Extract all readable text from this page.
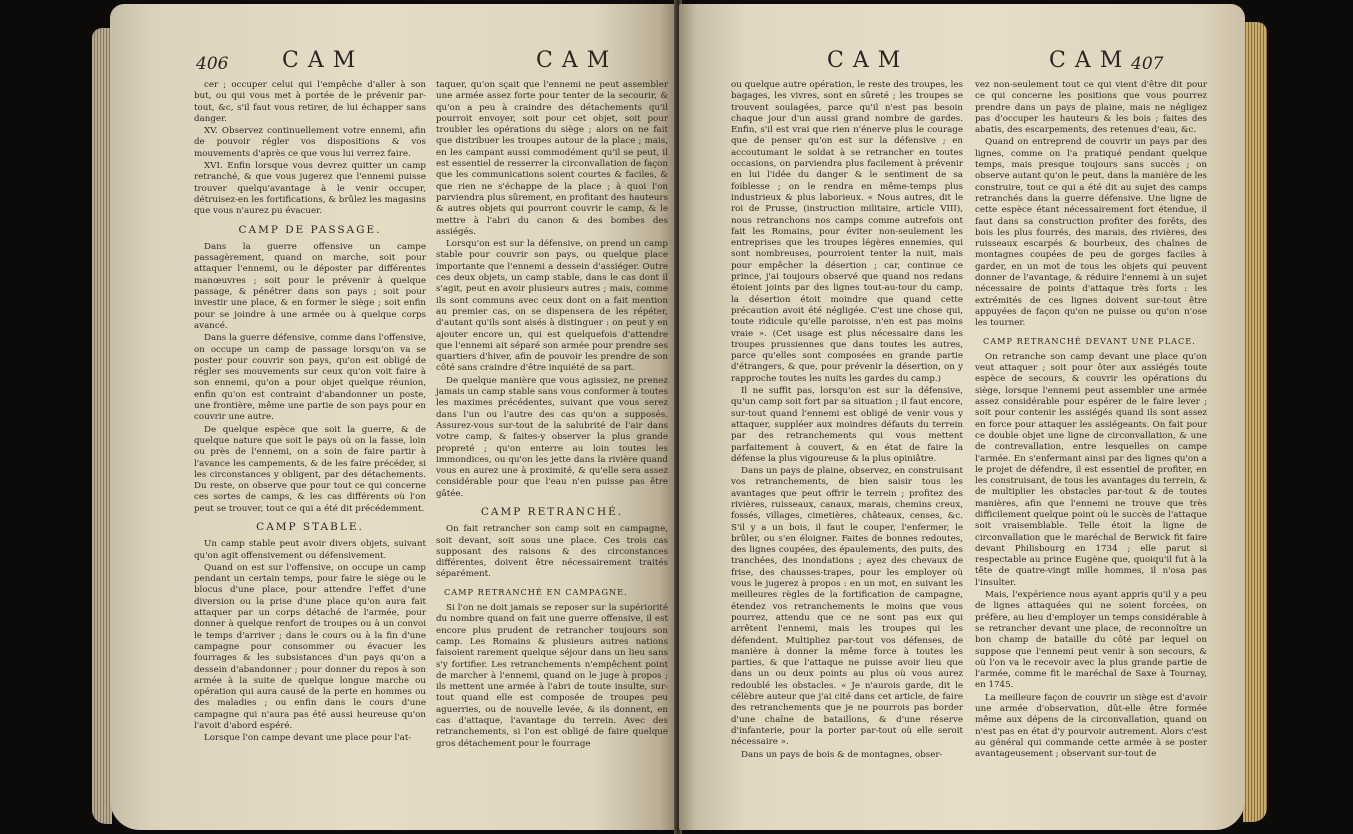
406 CAM	CAM

cer ; occuper celui qui l'empêche d'aller à son but, ou qui vous met à portée de le prévenir par-tout, &c, s'il faut vous retirer, de lui échapper sans danger.

XV. Observez continuellement votre ennemi, afin de pouvoir régler vos dispositions & vos mouvements d'après ce que vous lui verrez faire.

XVI. Enfin lorsque vous devrez quitter un camp retranché, & que vous jugerez que l'ennemi puisse trouver quelqu'avantage à le venir occuper, détruisez-en les fortifications, & brûlez les magasins que vous n'aurez pu évacuer.

CAMP DE PASSAGE.

Dans la guerre offensive un campe passagèrement, quand on marche, soit pour attaquer l'ennemi, ou le déposter par différentes manœuvres ; soit pour le prévenir à quelque passage, & pénétrer dans son pays ; soit pour investir une place, & en former le siège ; soit enfin pour se joindre à une armée ou à quelque corps avancé.

Dans la guerre défensive, comme dans l'offensive, on occupe un camp de passage lorsqu'on va se poster pour couvrir son pays, qu'on est obligé de régler ses mouvements sur ceux qu'on voit faire à son ennemi, qu'on a pour objet quelque réunion, enfin qu'on est contraint d'abandonner un poste, une frontière, même une partie de son pays pour en couvrir une autre.

De quelque espèce que soit la guerre, & de quelque nature que soit le pays où on la fasse, loin ou près de l'ennemi, on a soin de faire partir à l'avance les campements, & de les faire précéder, si les circonstances y obligent, par des détachements. Du reste, on observe que pour tout ce qui concerne ces sortes de camps, & les cas différents où l'on peut se trouver, tout ce qui a été dit précédemment.

CAMP STABLE.

Un camp stable peut avoir divers objets, suivant qu'on agit offensivement ou défensivement.

Quand on est sur l'offensive, on occupe un camp pendant un certain temps, pour faire le siège ou le blocus d'une place, pour attendre l'effet d'une diversion ou la prise d'une place qu'on aura fait attaquer par un corps détaché de l'armée, pour donner à quelque renfort de troupes ou à un convoi le temps d'arriver ; dans le cours ou à la fin d'une campagne pour consommer ou évacuer les fourrages & les subsistances d'un pays qu'on a dessein d'abandonner ; pour donner du repos à son armée à la suite de quelque longue marche ou opération qui aura causé de la perte en hommes ou des maladies ; ou enfin dans le cours d'une campagne qui n'aura pas été aussi heureuse qu'on l'avoit d'abord espéré.

Lorsque l'on campe devant une place pour l'at-

taquer, qu'on sçait que l'ennemi ne peut assembler une armée assez forte pour tenter de la secourir, & qu'on a peu à craindre des détachements qu'il pourroit envoyer, soit pour cet objet, soit pour troubler les opérations du siège ; alors on ne fait que distribuer les troupes autour de la place ; mais, en les campant aussi commodément qu'il se peut, il est essentiel de resserrer la circonvallation de façon que les communications soient courtes & faciles, & que rien ne s'échappe de la place ; à quoi l'on parviendra plus sûrement, en profitant des hauteurs & autres objets qui pourront couvrir le camp, & le mettre à l'abri du canon & des bombes des assiégés.

Lorsqu'on est sur la défensive, on prend un camp stable pour couvrir son pays, ou quelque place importante que l'ennemi a dessein d'assiéger. Outre ces deux objets, un camp stable, dans le cas dont il s'agit, peut en avoir plusieurs autres ; mais, comme ils sont communs avec ceux dont on a fait mention au premier cas, on se dispensera de les répéter, d'autant qu'ils sont aisés à distinguer : on peut y en ajouter encore un, qui est quelquefois d'attendre que l'ennemi ait séparé son armée pour prendre ses quartiers d'hiver, afin de pouvoir les prendre de son côté sans craindre d'être inquiété de sa part.

De quelque manière que vous agissiez, ne prenez jamais un camp stable sans vous conformer à toutes les maximes précédentes, suivant que vous serez dans l'un ou l'autre des cas qu'on a supposés. Assurez-vous sur-tout de la salubrité de l'air dans votre camp, & faites-y observer la plus grande propreté ; qu'on enterre au loin toutes les immondices, ou qu'on les jette dans la rivière quand vous en aurez une à proximité, & qu'elle sera assez considérable pour que l'eau n'en puisse pas être gâtée.

CAMP RETRANCHÉ.

On fait retrancher son camp soit en campagne, soit devant, soit sous une place. Ces trois cas supposant des raisons & des circonstances différentes, doivent être nécessairement traités séparément.

CAMP RETRANCHÉ EN CAMPAGNE.

Si l'on ne doit jamais se reposer sur la supériorité du nombre quand on fait une guerre offensive, il est encore plus prudent de retrancher toujours son camp. Les Romains & plusieurs autres nations faisoient rarement quelque séjour dans un lieu sans s'y fortifier. Les retranchements n'empêchent point de marcher à l'ennemi, quand on le juge à propos ; ils mettent une armée à l'abri de toute insulte, sur-tout quand elle est composée de troupes peu aguerries, ou de nouvelle levée, & ils donnent, en cas d'attaque, l'avantage du terrein. Avec des retranchements, si l'on est obligé de faire quelque gros détachement pour le fourrage

CAM	CAM 407

ou quelque autre opération, le reste des troupes, les bagages, les vivres, sont en sûreté ; les troupes se trouvent soulagées, parce qu'il n'est pas besoin chaque jour d'un aussi grand nombre de gardes. Enfin, s'il est vrai que rien n'énerve plus le courage que de penser qu'on est sur la défensive ; en accoutumant le soldat à se retrancher en toutes occasions, on parviendra plus facilement à prévenir en lui l'idée du danger & le sentiment de sa foiblesse ; on le rendra en même-temps plus industrieux & plus laborieux. « Nous autres, dit le roi de Prusse, (instruction militaire, article VIII), nous retranchons nos camps comme autrefois ont fait les Romains, pour éviter non-seulement les entreprises que les troupes légères ennemies, qui sont nombreuses, pourroient tenter la nuit, mais pour empêcher la désertion ; car, continue ce prince, j'ai toujours observé que quand nos redans étoient joints par des lignes tout-au-tour du camp, la désertion étoit moindre que quand cette précaution avoit été négligée. C'est une chose qui, toute ridicule qu'elle paroisse, n'en est pas moins vraie ». (Cet usage est plus nécessaire dans les troupes prussiennes que dans toutes les autres, parce qu'elles sont composées en grande partie d'étrangers, & que, pour prévenir la désertion, on y rapproche toutes les nuits les gardes du camp.)

Il ne suffit pas, lorsqu'on est sur la défensive, qu'un camp soit fort par sa situation ; il faut encore, sur-tout quand l'ennemi est obligé de venir vous y attaquer, suppléer aux moindres défauts du terrein par des retranchements qui vous mettent parfaitement à couvert, & en état de faire la défense la plus vigoureuse & la plus opiniâtre.

Dans un pays de plaine, observez, en construisant vos retranchements, de bien saisir tous les avantages que peut offrir le terrein ; profitez des rivières, ruisseaux, canaux, marais, chemins creux, fossés, villages, cimetières, châteaux, censes, &c. S'il y a un bois, il faut le couper, l'enfermer, le brûler, ou s'en éloigner. Faites de bonnes redoutes, des lignes coupées, des épaulements, des puits, des tranchées, des inondations ; ayez des chevaux de frise, des chausses-trapes, pour les employer où vous le jugerez à propos : en un mot, en suivant les meilleures règles de la fortification de campagne, étendez vos retranchements le moins que vous pourrez, attendu que ce ne sont pas eux qui arrêtent l'ennemi, mais les troupes qui les défendent. Multipliez par-tout vos défenses, de manière à donner la même force à toutes les parties, & que l'attaque ne puisse avoir lieu que dans un ou deux points au plus où vous aurez redoublé les obstacles. « Je n'aurois garde, dit le célèbre auteur que j'ai cité dans cet article, de faire des retranchements que je ne pourrois pas border d'une chaîne de bataillons, & d'une réserve d'infanterie, pour la porter par-tout où elle seroit nécessaire ».

Dans un pays de bois & de montagnes, obser-

vez non-seulement tout ce qui vient d'être dit pour ce qui concerne les positions que vous pourrez prendre dans un pays de plaine, mais ne négligez pas d'occuper les hauteurs & les bois ; faites des abatis, des escarpements, des retenues d'eau, &c.

Quand on entreprend de couvrir un pays par des lignes, comme on l'a pratiqué pendant quelque temps, mais presque toujours sans succès ; on observe autant qu'on le peut, dans la manière de les construire, tout ce qui a été dit au sujet des camps retranchés dans la guerre défensive. Une ligne de cette espèce étant nécessairement fort étendue, il faut dans sa construction profiter des forêts, des bois les plus fourrés, des marais, des rivières, des ruisseaux escarpés & bourbeux, des chaînes de montagnes coupées de peu de gorges faciles à garder, en un mot de tous les objets qui peuvent donner de l'avantage, & réduire l'ennemi à un sujet nécessaire de points d'attaque très forts : les extrémités de ces lignes doivent sur-tout être appuyées de façon qu'on ne puisse ou qu'on n'ose les tourner.

CAMP RETRANCHÉ DEVANT UNE PLACE.

On retranche son camp devant une place qu'on veut attaquer ; soit pour ôter aux assiégés toute espèce de secours, & couvrir les opérations du siège, lorsque l'ennemi peut assembler une armée assez considérable pour espérer de le faire lever ; soit pour contenir les assiégés quand ils sont assez en force pour attaquer les assiégeants. On fait pour ce double objet une ligne de circonvallation, & une de contrevallation, entre lesquelles on campe l'armée. En s'enfermant ainsi par des lignes qu'on a le projet de défendre, il est essentiel de profiter, en les construisant, de tous les avantages du terrein, & de multiplier les obstacles par-tout & de toutes manières, afin que l'ennemi ne trouve que très difficilement quelque point où le succès de l'attaque soit vraisemblable. Telle étoit la ligne de circonvallation que le maréchal de Berwick fit faire devant Philisbourg en 1734 ; elle parut si respectable au prince Eugène que, quoiqu'il fut à la tête de quatre-vingt mille hommes, il n'osa pas l'insulter.

Mais, l'expérience nous ayant appris qu'il y a peu de lignes attaquées qui ne soient forcées, on préfère, au lieu d'employer un temps considérable à se retrancher devant une place, de reconnoître un bon champ de bataille du côté par lequel on suppose que l'ennemi peut venir à son secours, & où l'on va le recevoir avec la plus grande partie de l'armée, comme fit le maréchal de Saxe à Tournay, en 1745.

La meilleure façon de couvrir un siège est d'avoir une armée d'observation, dût-elle être formée même aux dépens de la circonvallation, quand on n'est pas en état d'y pourvoir autrement. Alors c'est au général qui commande cette armée à se poster avantageusement ; observant sur-tout de
